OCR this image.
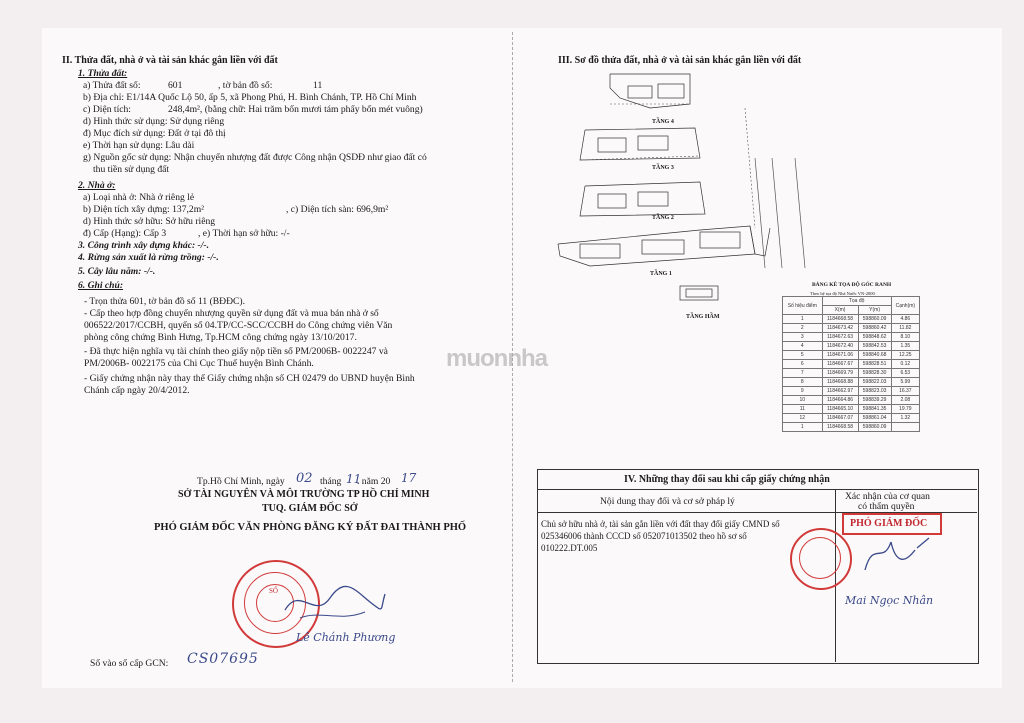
II. Thửa đất, nhà ở và tài sản khác gắn liền với đất
1. Thửa đất:
a) Thửa đất số:	601	, tờ bản đồ số:	11
b) Địa chỉ: E1/14A Quốc Lộ 50, ấp 5, xã Phong Phú, H. Bình Chánh, TP. Hồ Chí Minh
c) Diện tích:	248,4m², (bằng chữ: Hai trăm bốn mươi tám phẩy bốn mét vuông)
d) Hình thức sử dụng: Sử dụng riêng
đ) Mục đích sử dụng: Đất ở tại đô thị
e) Thời hạn sử dụng: Lâu dài
g) Nguồn gốc sử dụng: Nhận chuyển nhượng đất được Công nhận QSDĐ như giao đất có
thu tiền sử dụng đất
2. Nhà ở:
a) Loại nhà ở: Nhà ở riêng lẻ
b) Diện tích xây dựng: 137,2m²	, c) Diện tích sàn: 696,9m²
d) Hình thức sở hữu: Sở hữu riêng
đ) Cấp (Hạng): Cấp 3	, e) Thời hạn sở hữu: -/-
3. Công trình xây dựng khác: -/-.
4. Rừng sản xuất là rừng trồng: -/-.
5. Cây lâu năm: -/-.
6. Ghi chú:
- Trọn thửa 601, tờ bản đồ số 11 (BĐĐC).
- Cấp theo hợp đồng chuyển nhượng quyền sử dụng đất và mua bán nhà ở số
006522/2017/CCBH, quyển số 04.TP/CC-SCC/CCBH do Công chứng viên Văn
phòng công chứng Bình Hưng, Tp.HCM công chứng ngày 13/10/2017.
- Đã thực hiện nghĩa vụ tài chính theo giấy nộp tiền số PM/2006B- 0022247 và
PM/2006B- 0022175 của Chi Cục Thuế huyện Bình Chánh.
- Giấy chứng nhận này thay thế Giấy chứng nhận số CH 02479 do UBND huyện Bình
Chánh cấp ngày 20/4/2012.
Tp.Hồ Chí Minh, ngày 02 tháng 11
. năm 20 17
SỞ TÀI NGUYÊN VÀ MÔI TRƯỜNG TP HỒ CHÍ MINH
TUQ. GIÁM ĐỐC SỞ
PHÓ GIÁM ĐỐC VĂN PHÒNG ĐĂNG KÝ ĐẤT ĐAI THÀNH PHỐ
SỐ
Lê Chánh Phương
Số vào sổ cấp GCN: CS07695
III. Sơ đồ thửa đất, nhà ở và tài sản khác gắn liền với đất
TẦNG 4
TẦNG 3
TẦNG 2
TẦNG 1
TẦNG HẦM
BẢNG KÊ TỌA ĐỘ GÓC RANH
Theo hệ tọa độ Nhà Nước VN-2000
Số hiệu điểm	Tọa độ		Cạnh(m)
	X(m)	Y(m)	
1	1184668.58	598860.09	4.86
2	1184673.42	598860.42	11.82
3	1184672.63	598848.62	8.10
4	1184672.40	598842.53	1.35
5	1184671.06	598840.68	12.25
6	1184667.67	598828.51	0.12
7	1184669.79	598828.30	6.53
8	1184668.88	598822.03	5.99
9	1184662.97	598823.03	16.37
10	1184664.86	598839.29	2.08
11	1184665.10	598841.35	19.79
12	1184667.07	598861.04	1.32
1	1184668.58	598860.09	
muonnha
IV. Những thay đổi sau khi cấp giấy chứng nhận
Nội dung thay đổi và cơ sở pháp lý	Xác nhận của cơ quan
có thẩm quyền
Chủ sở hữu nhà ở, tài sản gắn liền với đất thay đổi giấy CMND số
025346006 thành CCCD số 052071013502 theo hồ sơ số
010222.DT.005
PHÓ GIÁM ĐỐC
Mai Ngọc Nhân
